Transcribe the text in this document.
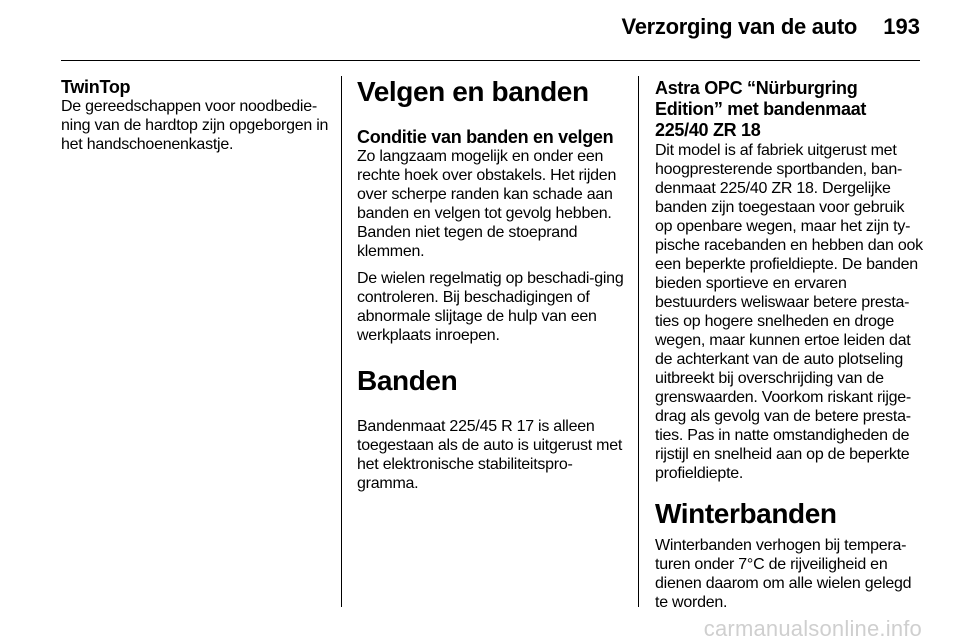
Verzorging van de auto 193
TwinTop

De gereedschappen voor noodbedie-ning van de hardtop zijn opgeborgen in het handschoenenkastje.

Velgen en banden
Conditie van banden en velgen

Zo langzaam mogelijk en onder een rechte hoek over obstakels. Het rijden over scherpe randen kan schade aan banden en velgen tot gevolg hebben. Banden niet tegen de stoeprand klemmen.

De wielen regelmatig op beschadi-ging controleren. Bij beschadigingen of abnormale slijtage de hulp van een werkplaats inroepen.

Banden

Bandenmaat 225/45 R 17 is alleen toegestaan als de auto is uitgerust met het elektronische stabiliteitspro-gramma.

Astra OPC “Nürburgring Edition” met bandenmaat 225/40 ZR 18

Dit model is af fabriek uitgerust met hoogpresterende sportbanden, ban-denmaat 225/40 ZR 18. Dergelijke banden zijn toegestaan voor gebruik op openbare wegen, maar het zijn ty-pische racebanden en hebben dan ook een beperkte profieldiepte. De banden bieden sportieve en ervaren bestuurders weliswaar betere presta-ties op hogere snelheden en droge wegen, maar kunnen ertoe leiden dat de achterkant van de auto plotseling uitbreekt bij overschrijding van de grenswaarden. Voorkom riskant rijge-drag als gevolg van de betere presta-ties. Pas in natte omstandigheden de rijstijl en snelheid aan op de beperkte profieldiepte.

Winterbanden

Winterbanden verhogen bij tempera-turen onder 7°C de rijveiligheid en dienen daarom om alle wielen gelegd te worden.

carmanualsonline.info
